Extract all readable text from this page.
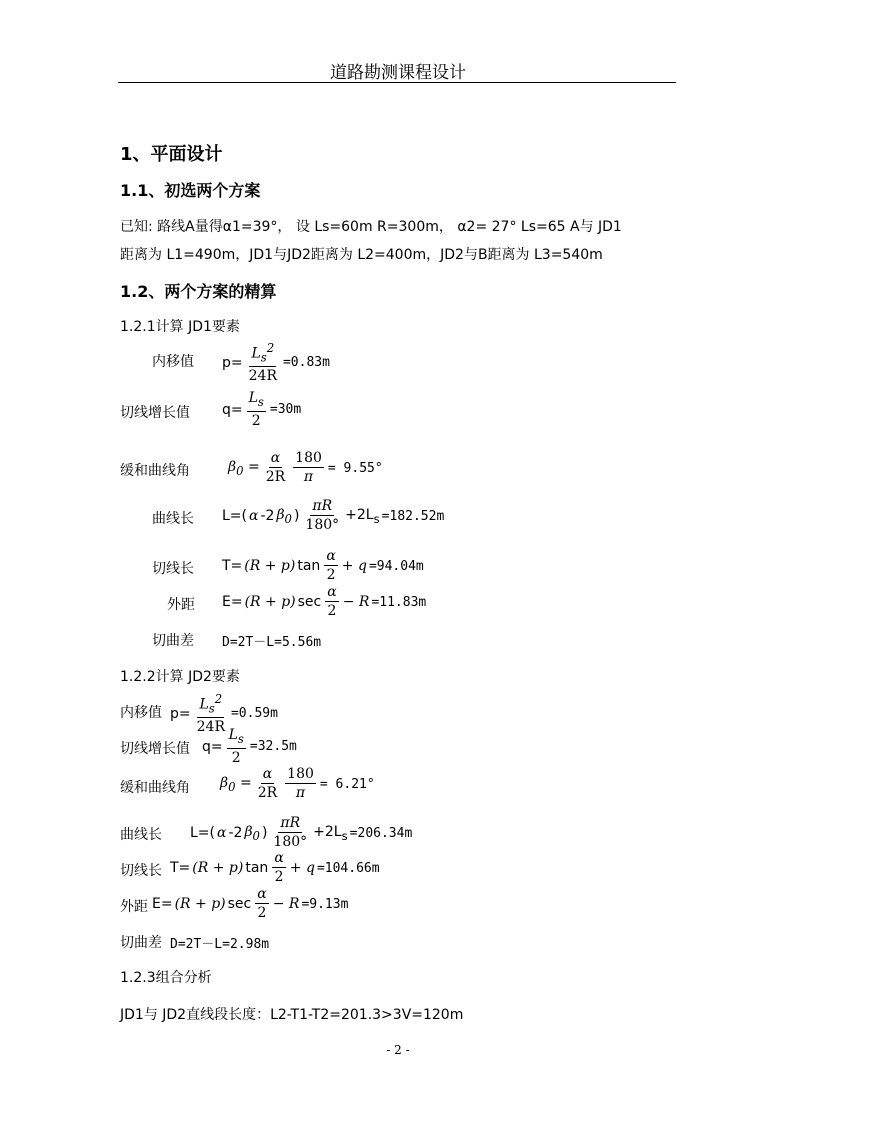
道路勘测课程设计
1、平面设计
1.1、初选两个方案
已知: 路线A量得α1=39°， 设 Ls=60m R=300m， α2= 27° Ls=65 A与 JD1
距离为 L1=490m，JD1与JD2距离为 L2=400m，JD2与B距离为 L3=540m
1.2、两个方案的精算
1.2.1计算 JD1要素
内移值 $p= \frac{L_s^2}{24R} =0.83m$
切线增长值 $q= \frac{L_s}{2} =30m$
缓和曲线角	$\beta_0 = \frac{\alpha}{2R} \frac{180}{\pi} = 9.55^\circ$
曲线长 L=( α -2 $\beta_0$ ) $\frac{\pi R}{180^\circ} +2L_s =182.52m$
切线长 T= (R + p) $\tan \frac{\alpha}{2} + q =94.04m$
外距 E= (R + p) $\sec \frac{\alpha}{2} - R =11.83m$
切曲差 D=2T－L=5.56m
1.2.2计算 JD2要素
内移值 $p= \frac{L_s^2}{24R} =0.59m$
切线增长值 $q= \frac{L_s}{2} =32.5m$
缓和曲线角 $\beta_0 = \frac{\alpha}{2R} \frac{180}{\pi} = 6.21^\circ$
曲线长 L=( α -2 $\beta_0$ ) $\frac{\pi R}{180^\circ} +2L_s =206.34m$
切线长 T= (R + p) $\tan \frac{\alpha}{2} + q =104.66m$
外距 E= (R + p) $\sec \frac{\alpha}{2} - R =9.13m$
切曲差 D=2T－L=2.98m
1.2.3组合分析
JD1与 JD2直线段长度：L2-T1-T2=201.3>3V=120m
- 2 -
